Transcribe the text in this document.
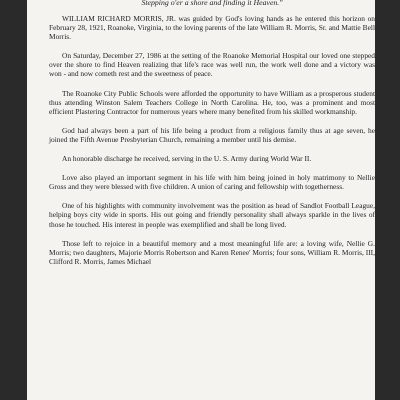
Stepping o'er a shore and finding it Heaven."

WILLIAM RICHARD MORRIS, JR. was guided by God's loving hands as he entered this horizon on February 28, 1921, Roanoke, Virginia, to the loving parents of the late William R. Morris, Sr. and Mattie Bell Morris.

On Saturday, December 27, 1986 at the setting of the Roanoke Memorial Hospital our loved one stepped over the shore to find Heaven realizing that life's race was well run, the work well done and a victory was won - and now cometh rest and the sweetness of peace.

The Roanoke City Public Schools were afforded the opportunity to have William as a prosperous student thus attending Winston Salem Teachers College in North Carolina. He, too, was a prominent and most efficient Plastering Contractor for numerous years where many benefited from his skilled workmanship.

God had always been a part of his life being a product from a religious family thus at age seven, he joined the Fifth Avenue Presbyterian Church, remaining a member until his demise.

An honorable discharge he received, serving in the U. S. Army during World War II.

Love also played an important segment in his life with him being joined in holy matrimony to Nellie Gross and they were blessed with five children. A union of caring and fellowship with togetherness.

One of his highlights with community involvement was the position as head of Sandlot Football League, helping boys city wide in sports. His out going and friendly personality shall always sparkle in the lives of those he touched. His interest in people was exemplified and shall be long lived.

Those left to rejoice in a beautiful memory and a most meaningful life are: a loving wife, Nellie G. Morris; two daughters, Majorie Morris Robertson and Karen Renee' Morris; four sons, William R. Morris, III, Clifford R. Morris, James Michael
